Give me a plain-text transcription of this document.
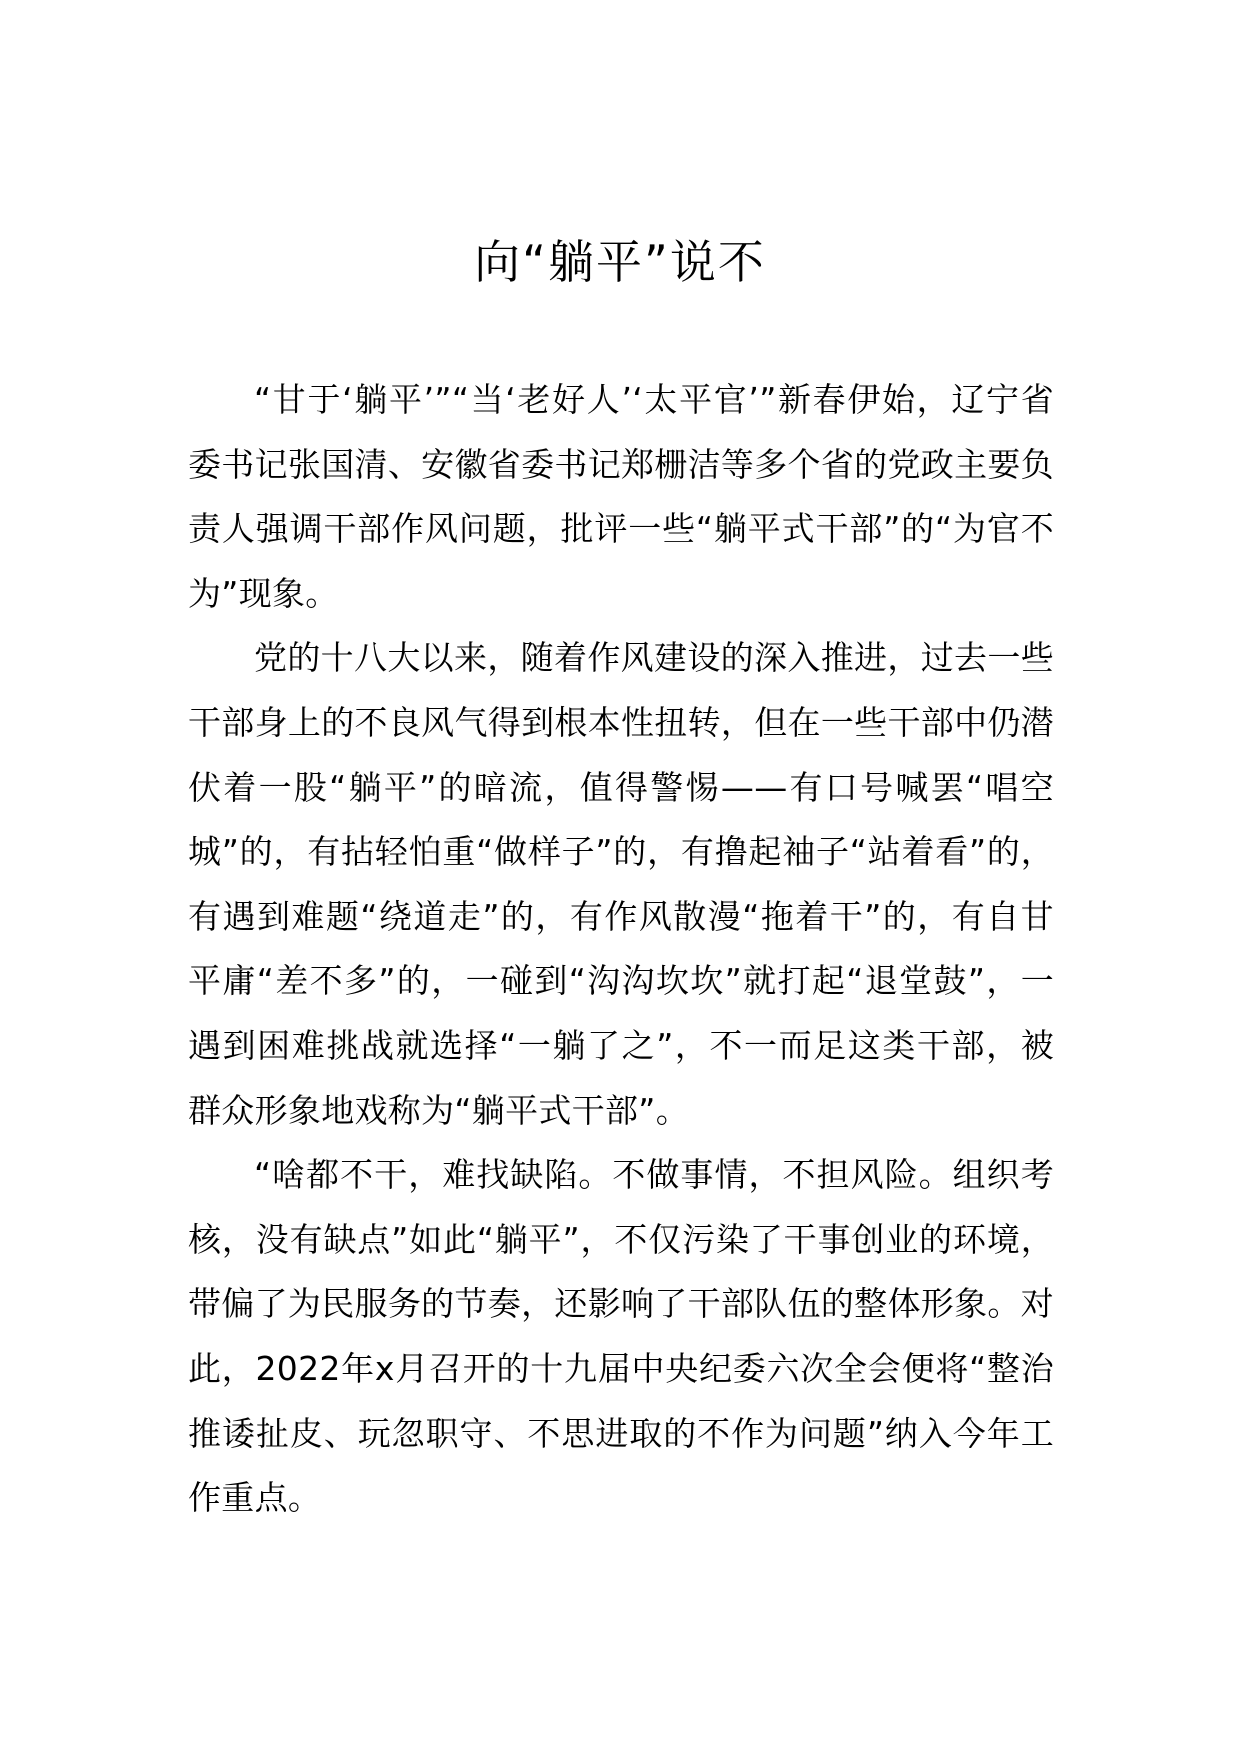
向“躺平”说不

“甘于‘躺平’”“当‘老好人’‘太平官’”新春伊始，辽宁省委书记张国清、安徽省委书记郑栅洁等多个省的党政主要负责人强调干部作风问题，批评一些“躺平式干部”的“为官不为”现象。

党的十八大以来，随着作风建设的深入推进，过去一些干部身上的不良风气得到根本性扭转，但在一些干部中仍潜伏着一股“躺平”的暗流，值得警惕——有口号喊罢“唱空城”的，有拈轻怕重“做样子”的，有撸起袖子“站着看”的，有遇到难题“绕道走”的，有作风散漫“拖着干”的，有自甘平庸“差不多”的，一碰到“沟沟坎坎”就打起“退堂鼓”，一遇到困难挑战就选择“一躺了之”，不一而足这类干部，被群众形象地戏称为“躺平式干部”。

“啥都不干，难找缺陷。不做事情，不担风险。组织考核，没有缺点”如此“躺平”，不仅污染了干事创业的环境，带偏了为民服务的节奏，还影响了干部队伍的整体形象。对此，2022年x月召开的十九届中央纪委六次全会便将“整治推诿扯皮、玩忽职守、不思进取的不作为问题”纳入今年工作重点。
